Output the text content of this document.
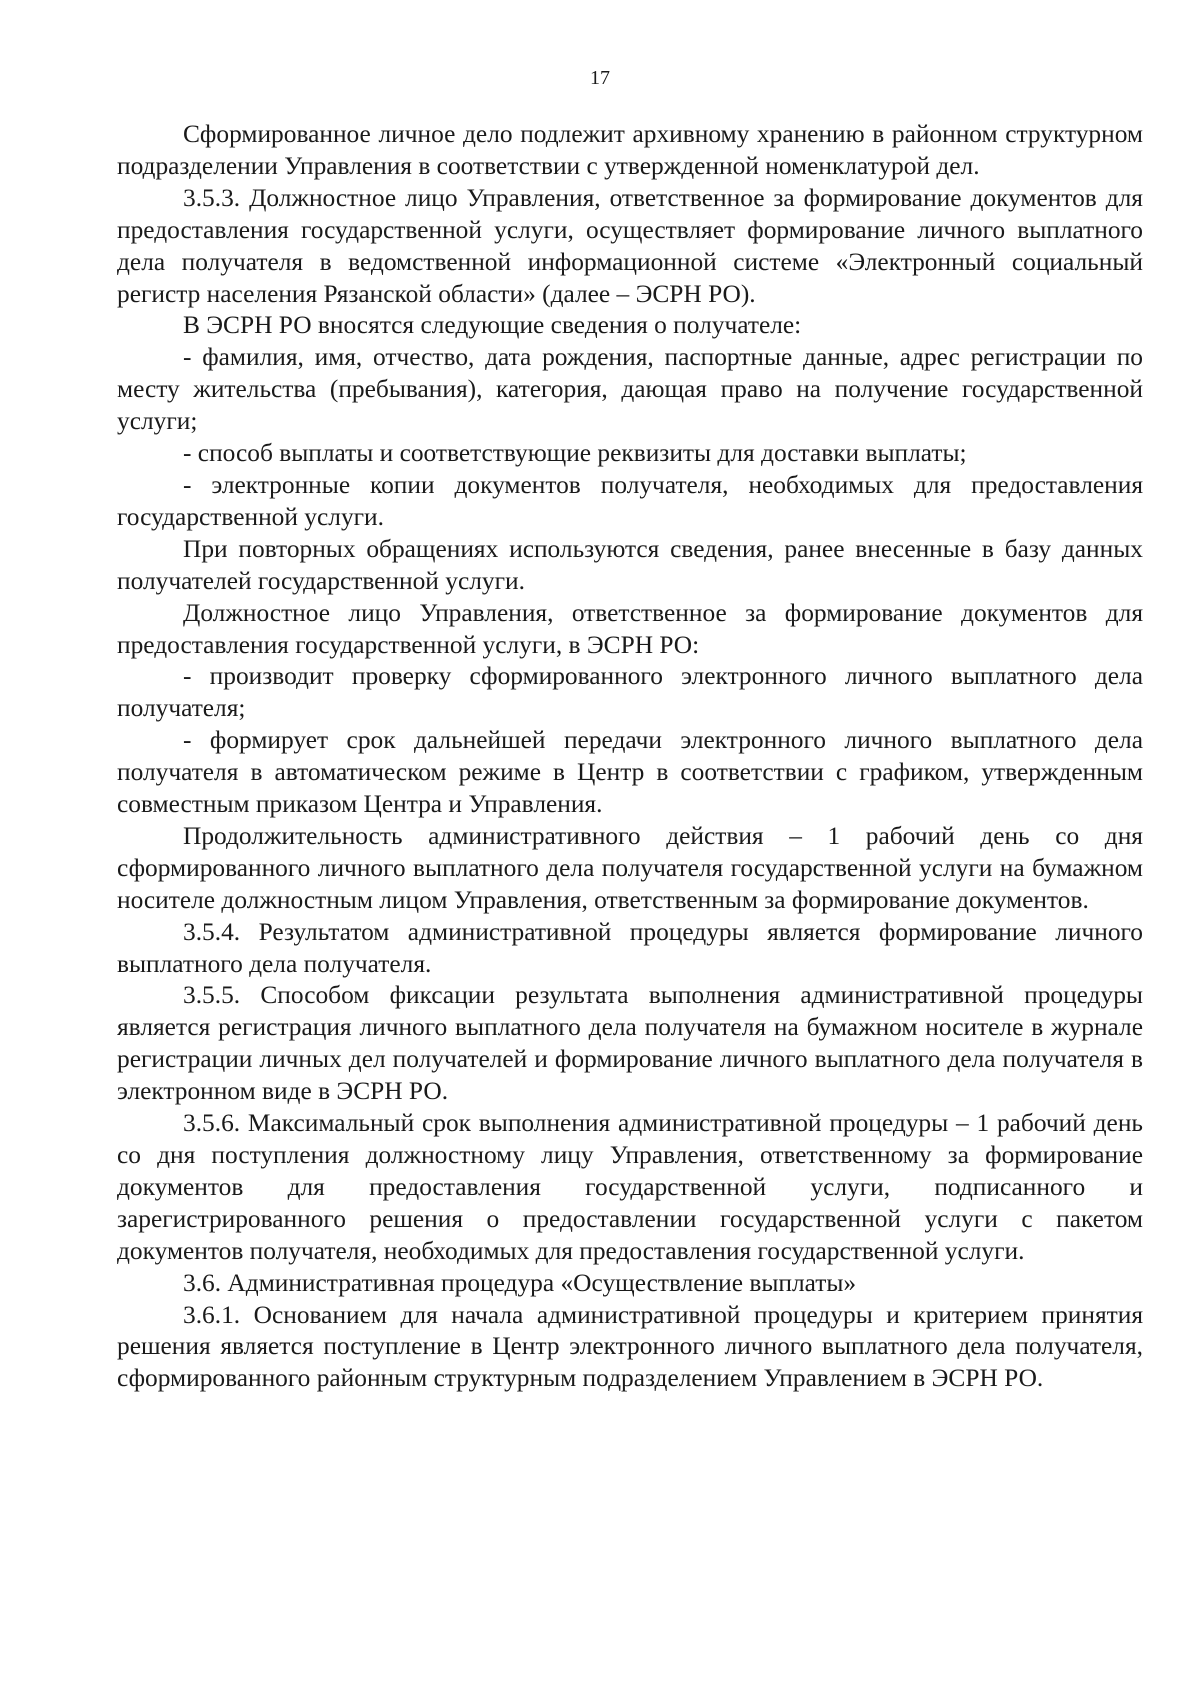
17

Сформированное личное дело подлежит архивному хранению в районном структурном подразделении Управления в соответствии с утвержденной номенклатурой дел.

3.5.3. Должностное лицо Управления, ответственное за формирование документов для предоставления государственной услуги, осуществляет формирование личного выплатного дела получателя в ведомственной информационной системе «Электронный социальный регистр населения Рязанской области» (далее – ЭСРН РО).

В ЭСРН РО вносятся следующие сведения о получателе:

- фамилия, имя, отчество, дата рождения, паспортные данные, адрес регистрации по месту жительства (пребывания), категория, дающая право на получение государственной услуги;

- способ выплаты и соответствующие реквизиты для доставки выплаты;

- электронные копии документов получателя, необходимых для предоставления государственной услуги.

При повторных обращениях используются сведения, ранее внесенные в базу данных получателей государственной услуги.

Должностное лицо Управления, ответственное за формирование документов для предоставления государственной услуги, в ЭСРН РО:

- производит проверку сформированного электронного личного выплатного дела получателя;

- формирует срок дальнейшей передачи электронного личного выплатного дела получателя в автоматическом режиме в Центр в соответствии с графиком, утвержденным совместным приказом Центра и Управления.

Продолжительность административного действия – 1 рабочий день со дня сформированного личного выплатного дела получателя государственной услуги на бумажном носителе должностным лицом Управления, ответственным за формирование документов.

3.5.4. Результатом административной процедуры является формирование личного выплатного дела получателя.

3.5.5. Способом фиксации результата выполнения административной процедуры является регистрация личного выплатного дела получателя на бумажном носителе в журнале регистрации личных дел получателей и формирование личного выплатного дела получателя в электронном виде в ЭСРН РО.

3.5.6. Максимальный срок выполнения административной процедуры – 1 рабочий день со дня поступления должностному лицу Управления, ответственному за формирование документов для предоставления государственной услуги, подписанного и зарегистрированного решения о предоставлении государственной услуги с пакетом документов получателя, необходимых для предоставления государственной услуги.

3.6. Административная процедура «Осуществление выплаты»

3.6.1. Основанием для начала административной процедуры и критерием принятия решения является поступление в Центр электронного личного выплатного дела получателя, сформированного районным структурным подразделением Управлением в ЭСРН РО.
